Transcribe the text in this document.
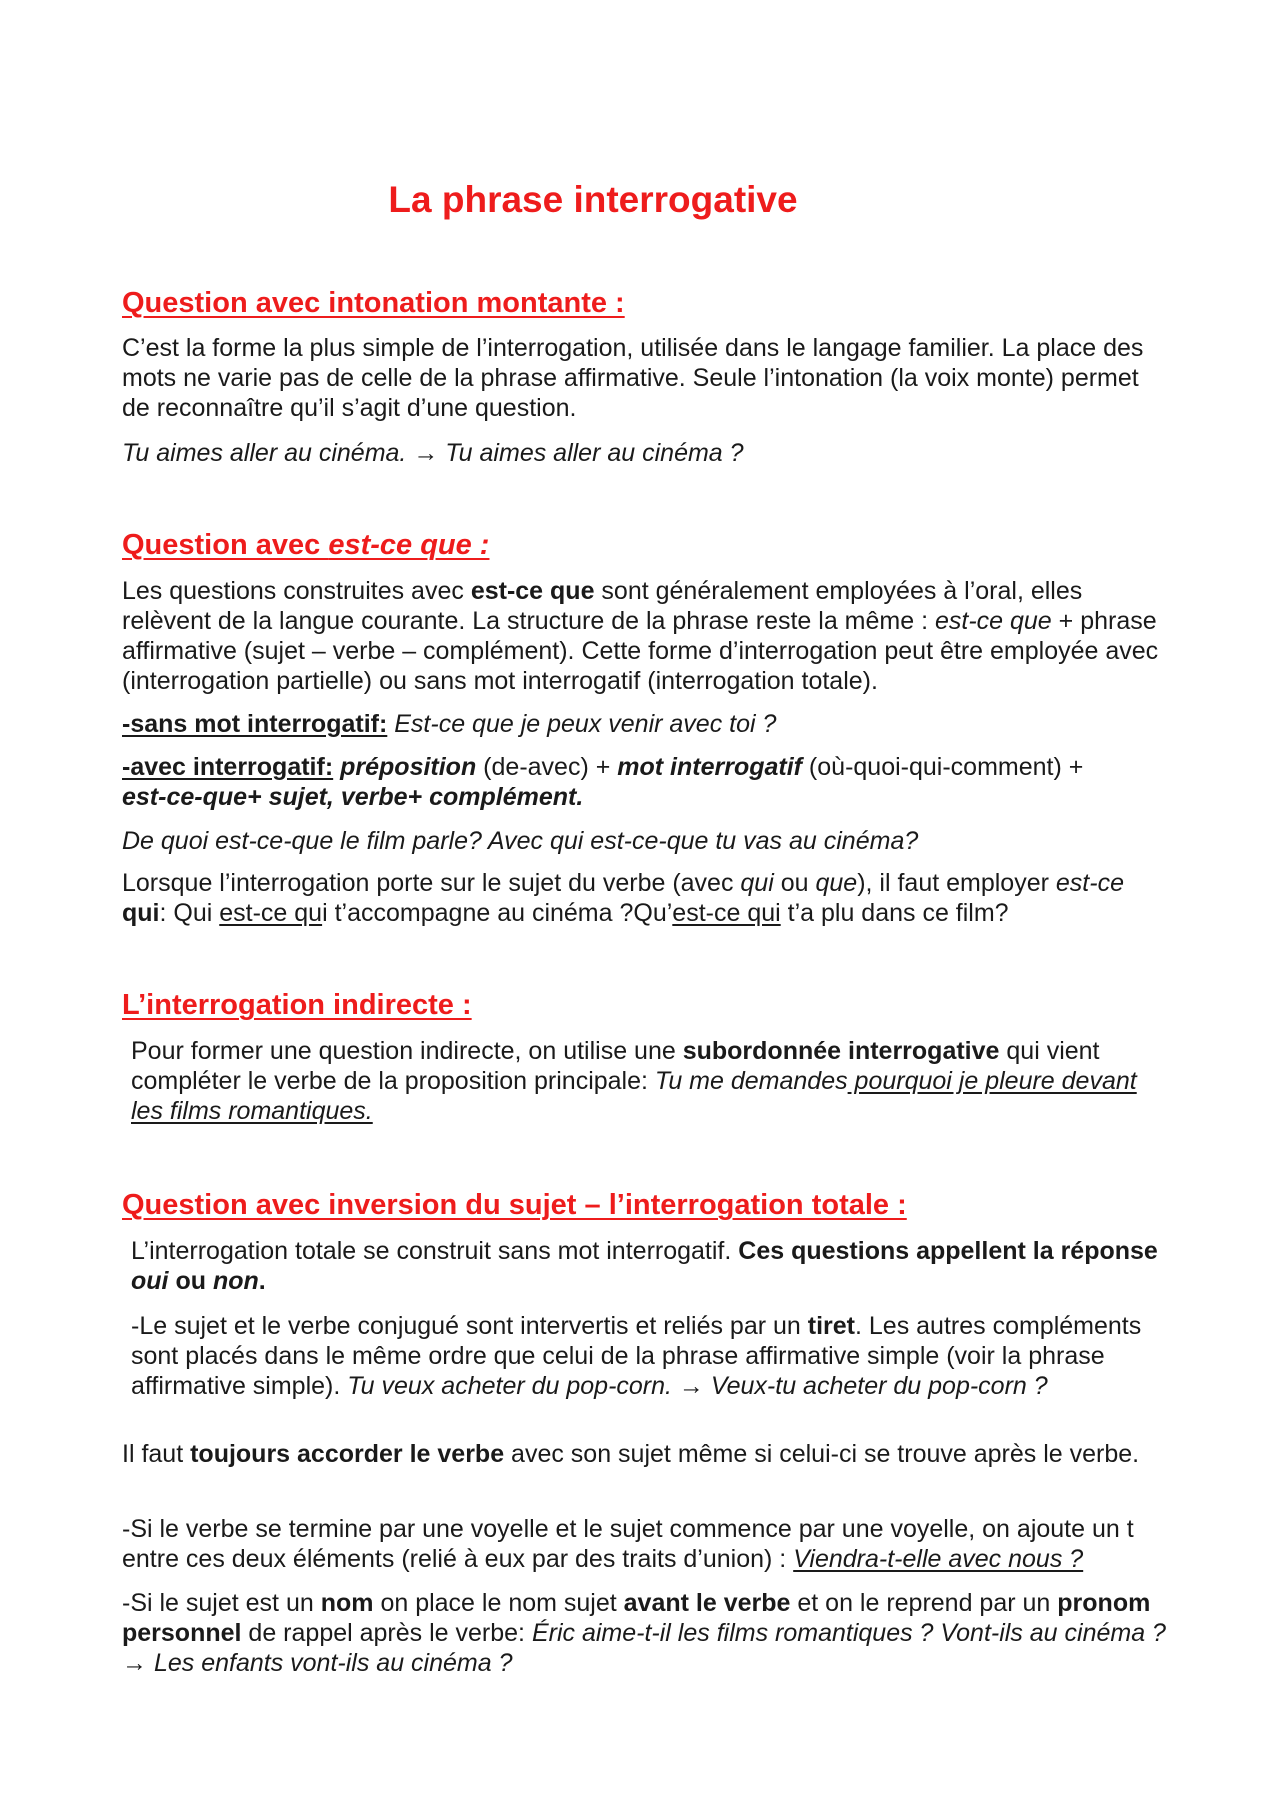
La phrase interrogative
Question avec intonation montante :

C’est la forme la plus simple de l’interrogation, utilisée dans le langage familier. La place des mots ne varie pas de celle de la phrase affirmative. Seule l’intonation (la voix monte) permet de reconnaître qu’il s’agit d’une question.

Tu aimes aller au cinéma. → Tu aimes aller au cinéma ?

Question avec est-ce que :

Les questions construites avec est-ce que sont généralement employées à l’oral, elles relèvent de la langue courante. La structure de la phrase reste la même : est-ce que + phrase affirmative (sujet – verbe – complément). Cette forme d’interrogation peut être employée avec (interrogation partielle) ou sans mot interrogatif (interrogation totale).

-sans mot interrogatif: Est-ce que je peux venir avec toi ?

-avec interrogatif: préposition (de-avec) + mot interrogatif (où-quoi-qui-comment) +
est-ce-que+ sujet, verbe+ complément.

De quoi est-ce-que le film parle? Avec qui est-ce-que tu vas au cinéma?

Lorsque l’interrogation porte sur le sujet du verbe (avec qui ou que), il faut employer est-ce qui: Qui est-ce qui t’accompagne au cinéma ?Qu’est-ce qui t’a plu dans ce film?

L’interrogation indirecte :

Pour former une question indirecte, on utilise une subordonnée interrogative qui vient compléter le verbe de la proposition principale: Tu me demandes pourquoi je pleure devant les films romantiques.

Question avec inversion du sujet – l’interrogation totale :

L’interrogation totale se construit sans mot interrogatif. Ces questions appellent la réponse oui ou non.

-Le sujet et le verbe conjugué sont intervertis et reliés par un tiret. Les autres compléments sont placés dans le même ordre que celui de la phrase affirmative simple (voir la phrase affirmative simple). Tu veux acheter du pop-corn. → Veux-tu acheter du pop-corn ?

Il faut toujours accorder le verbe avec son sujet même si celui-ci se trouve après le verbe.

-Si le verbe se termine par une voyelle et le sujet commence par une voyelle, on ajoute un t entre ces deux éléments (relié à eux par des traits d’union) : Viendra-t-elle avec nous ?

-Si le sujet est un nom on place le nom sujet avant le verbe et on le reprend par un pronom personnel de rappel après le verbe: Éric aime-t-il les films romantiques ? Vont-ils au cinéma ? → Les enfants vont-ils au cinéma ?
